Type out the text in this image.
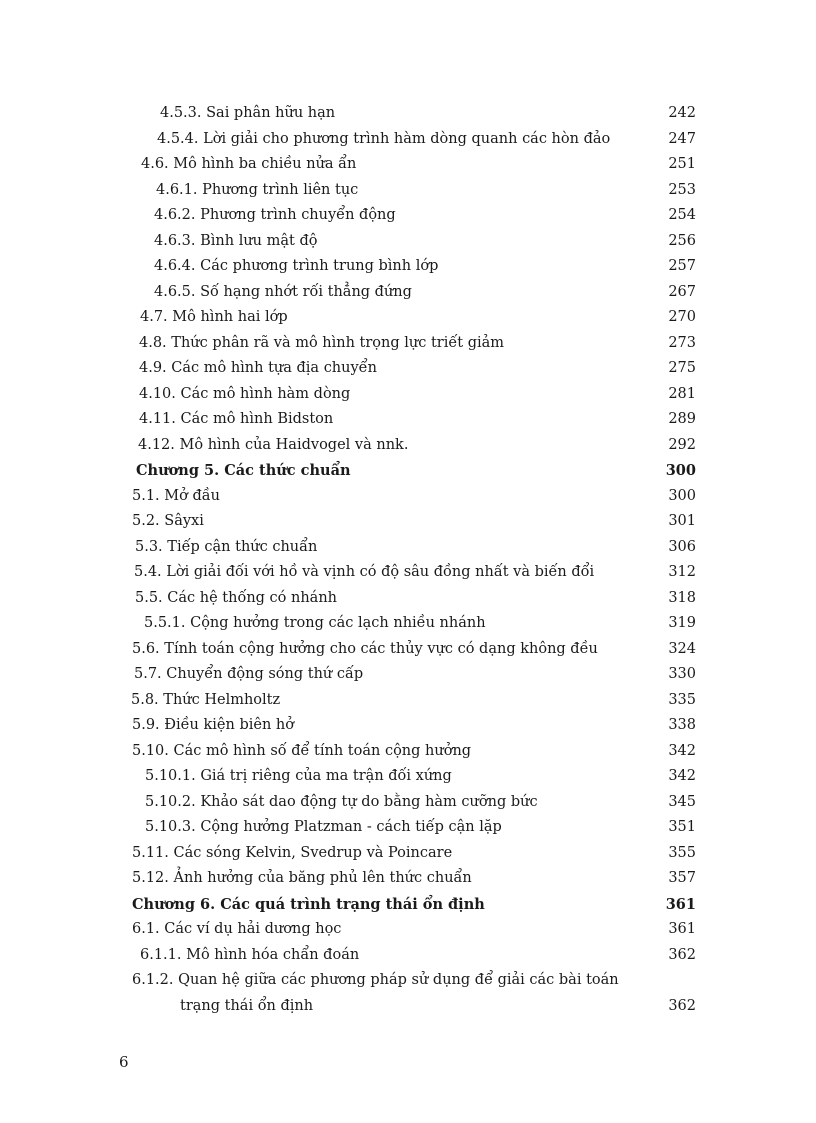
4.5.3. Sai phân hữu hạn	242
4.5.4. Lời giải cho phương trình hàm dòng quanh các hòn đảo	247
4.6. Mô hình ba chiều nửa ẩn	251
4.6.1. Phương trình liên tục	253
4.6.2. Phương trình chuyển động	254
4.6.3. Bình lưu mật độ	256
4.6.4. Các phương trình trung bình lớp	257
4.6.5. Số hạng nhớt rối thẳng đứng	267
4.7. Mô hình hai lớp	270
4.8. Thức phân rã và mô hình trọng lực triết giảm	273
4.9. Các mô hình tựa địa chuyển	275
4.10. Các mô hình hàm dòng	281
4.11. Các mô hình Bidston	289
4.12. Mô hình của Haidvogel và nnk.	292
Chương 5. Các thức chuẩn	300
5.1. Mở đầu	300
5.2. Sâyxi	301
5.3. Tiếp cận thức chuẩn	306
5.4. Lời giải đối với hồ và vịnh có độ sâu đồng nhất và biến đổi	312
5.5. Các hệ thống có nhánh	318
5.5.1. Cộng hưởng trong các lạch nhiều nhánh	319
5.6. Tính toán cộng hưởng cho các thủy vực có dạng không đều	324
5.7. Chuyển động sóng thứ cấp	330
5.8. Thức Helmholtz	335
5.9. Điều kiện biên hở	338
5.10. Các mô hình số để tính toán cộng hưởng	342
5.10.1. Giá trị riêng của ma trận đối xứng	342
5.10.2. Khảo sát dao động tự do bằng hàm cưỡng bức	345
5.10.3. Cộng hưởng Platzman - cách tiếp cận lặp	351
5.11. Các sóng Kelvin, Svedrup và Poincare	355
5.12. Ảnh hưởng của băng phủ lên thức chuẩn	357
Chương 6. Các quá trình trạng thái ổn định	361
6.1. Các ví dụ hải dương học	361
6.1.1. Mô hình hóa chẩn đoán	362
6.1.2. Quan hệ giữa các phương pháp sử dụng để giải các bài toán
trạng thái ổn định	362
6
